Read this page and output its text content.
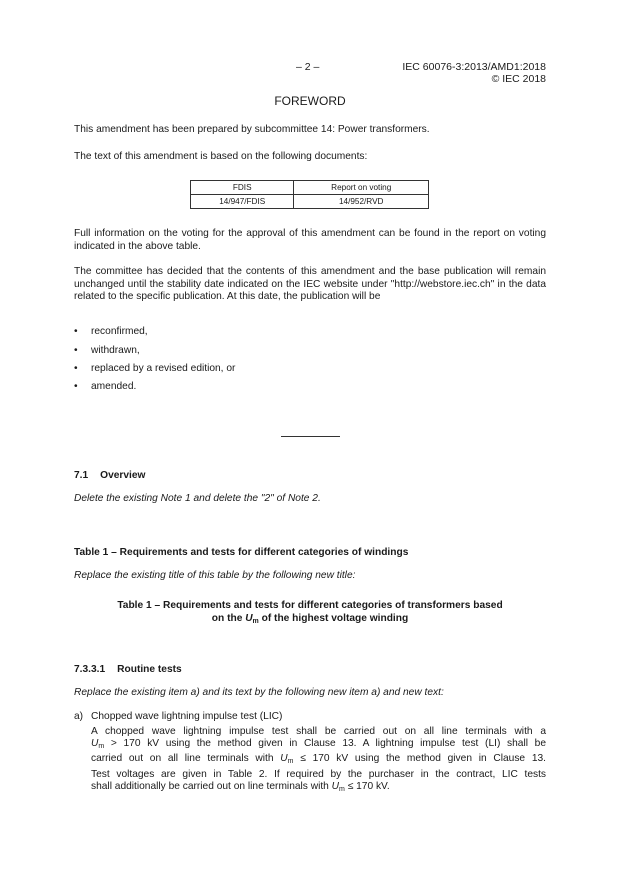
– 2 –	IEC 60076-3:2013/AMD1:2018
© IEC 2018
FOREWORD
This amendment has been prepared by subcommittee 14: Power transformers.
The text of this amendment is based on the following documents:
FDIS	Report on voting
14/947/FDIS	14/952/RVD
Full information on the voting for the approval of this amendment can be found in the report on voting indicated in the above table.
The committee has decided that the contents of this amendment and the base publication will remain unchanged until the stability date indicated on the IEC website under "http://webstore.iec.ch" in the data related to the specific publication. At this date, the publication will be
• reconfirmed,
• withdrawn,
• replaced by a revised edition, or
• amended.
7.1 Overview
Delete the existing Note 1 and delete the "2" of Note 2.
Table 1 – Requirements and tests for different categories of windings
Replace the existing title of this table by the following new title:
Table 1 – Requirements and tests for different categories of transformers based
on the $U_m$ of the highest voltage winding
7.3.3.1 Routine tests
Replace the existing item a) and its text by the following new item a) and new text:
a) Chopped wave lightning impulse test (LIC)
A chopped wave lightning impulse test shall be carried out on all line terminals with a
$U_m > 170$ kV using the method given in Clause 13. A lightning impulse test (LI) shall be
carried out on all line terminals with $U_m \le 170$ kV using the method given in Clause 13.
Test voltages are given in Table 2. If required by the purchaser in the contract, LIC tests
shall additionally be carried out on line terminals with $U_m \le 170$ kV.
